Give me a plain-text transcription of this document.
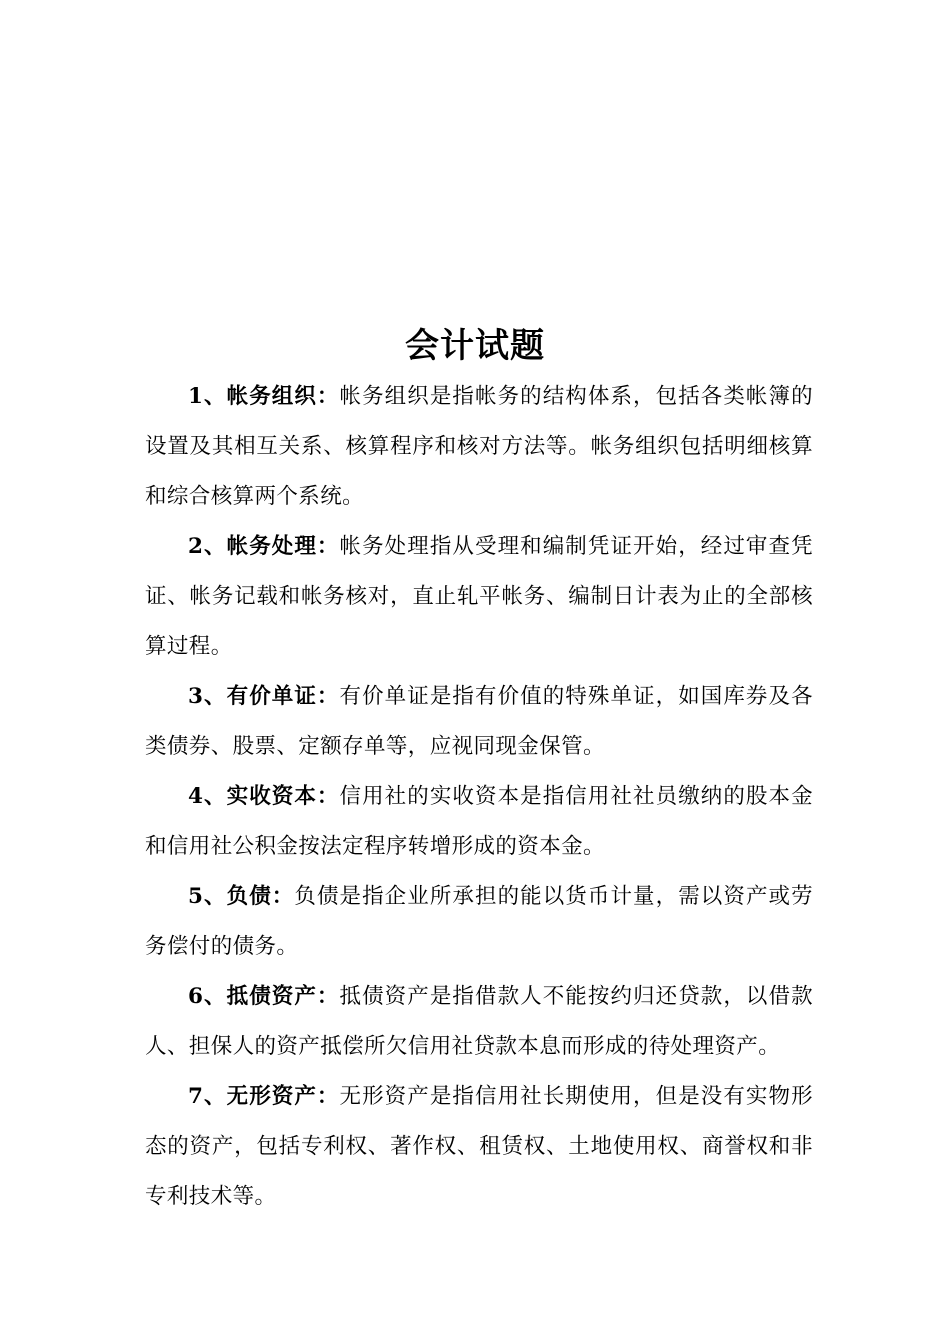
会计试题

1、帐务组织：帐务组织是指帐务的结构体系，包括各类帐簿的设置及其相互关系、核算程序和核对方法等。帐务组织包括明细核算和综合核算两个系统。

2、帐务处理：帐务处理指从受理和编制凭证开始，经过审查凭证、帐务记载和帐务核对，直止轧平帐务、编制日计表为止的全部核算过程。

3、有价单证：有价单证是指有价值的特殊单证，如国库券及各类债券、股票、定额存单等，应视同现金保管。

4、实收资本：信用社的实收资本是指信用社社员缴纳的股本金和信用社公积金按法定程序转增形成的资本金。

5、负债：负债是指企业所承担的能以货币计量，需以资产或劳务偿付的债务。

6、抵债资产：抵债资产是指借款人不能按约归还贷款，以借款人、担保人的资产抵偿所欠信用社贷款本息而形成的待处理资产。

7、无形资产：无形资产是指信用社长期使用，但是没有实物形态的资产，包括专利权、著作权、租赁权、土地使用权、商誉权和非专利技术等。
